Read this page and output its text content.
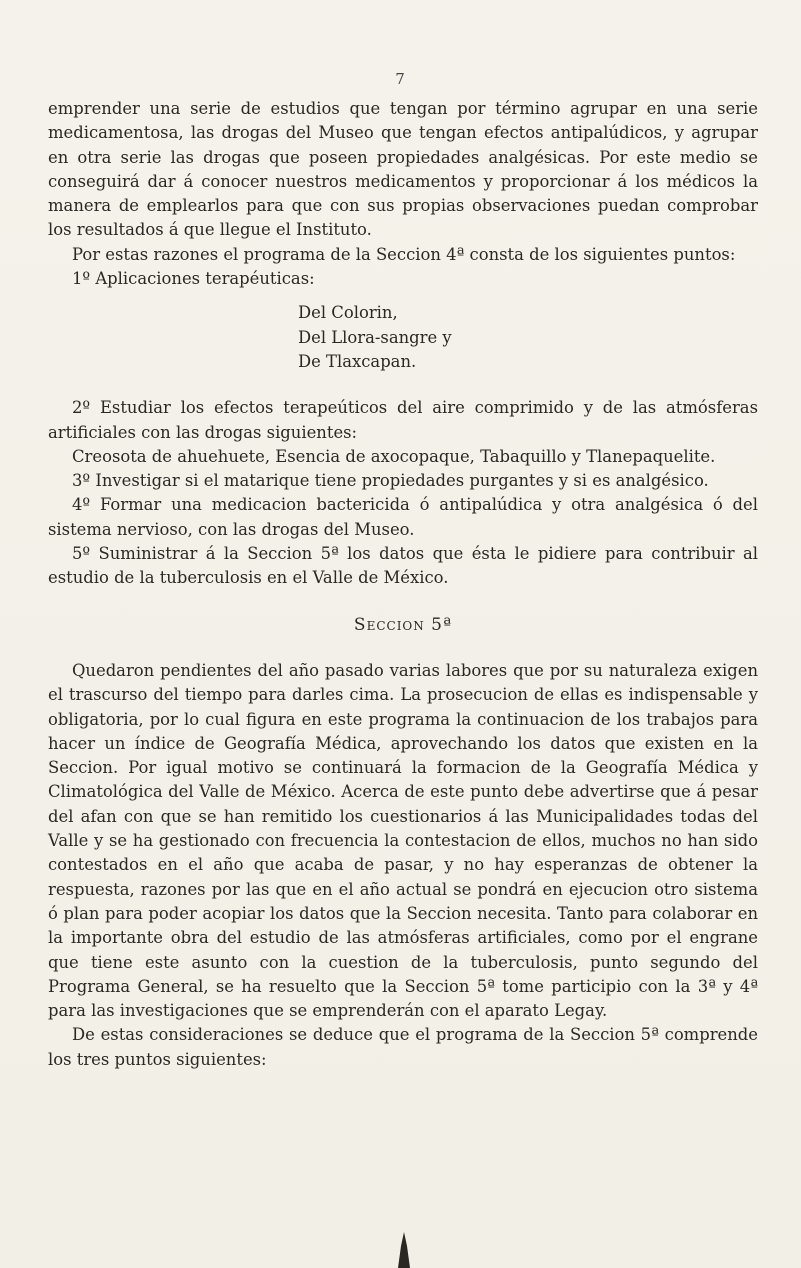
7

emprender una serie de estudios que tengan por término agrupar en una serie medicamentosa, las drogas del Museo que tengan efectos antipalúdicos, y agrupar en otra serie las drogas que poseen propiedades analgésicas. Por este medio se conseguirá dar á conocer nuestros medicamentos y proporcionar á los médicos la manera de emplearlos para que con sus propias observaciones puedan comprobar los resultados á que llegue el Instituto.

Por estas razones el programa de la Seccion 4ª consta de los siguientes puntos:

1º Aplicaciones terapéuticas:

Del Colorin,

Del Llora-sangre y

De Tlaxcapan.

2º Estudiar los efectos terapeúticos del aire comprimido y de las atmósferas artificiales con las drogas siguientes:

Creosota de ahuehuete, Esencia de axocopaque, Tabaquillo y Tlanepaquelite.

3º Investigar si el matarique tiene propiedades purgantes y si es analgésico.

4º Formar una medicacion bactericida ó antipalúdica y otra analgésica ó del sistema nervioso, con las drogas del Museo.

5º Suministrar á la Seccion 5ª los datos que ésta le pidiere para contribuir al estudio de la tuberculosis en el Valle de México.

Seccion 5ª

Quedaron pendientes del año pasado varias labores que por su naturaleza exigen el trascurso del tiempo para darles cima. La prosecucion de ellas es indispensable y obligatoria, por lo cual figura en este programa la continuacion de los trabajos para hacer un índice de Geografía Médica, aprovechando los datos que existen en la Seccion. Por igual motivo se continuará la formacion de la Geografía Médica y Climatológica del Valle de México. Acerca de este punto debe advertirse que á pesar del afan con que se han remitido los cuestionarios á las Municipalidades todas del Valle y se ha gestionado con frecuencia la contestacion de ellos, muchos no han sido contestados en el año que acaba de pasar, y no hay esperanzas de obtener la respuesta, razones por las que en el año actual se pondrá en ejecucion otro sistema ó plan para poder acopiar los datos que la Seccion necesita. Tanto para colaborar en la importante obra del estudio de las atmósferas artificiales, como por el engrane que tiene este asunto con la cuestion de la tuberculosis, punto segundo del Programa General, se ha resuelto que la Seccion 5ª tome participio con la 3ª y 4ª para las investigaciones que se emprenderán con el aparato Legay.

De estas consideraciones se deduce que el programa de la Seccion 5ª comprende los tres puntos siguientes:
